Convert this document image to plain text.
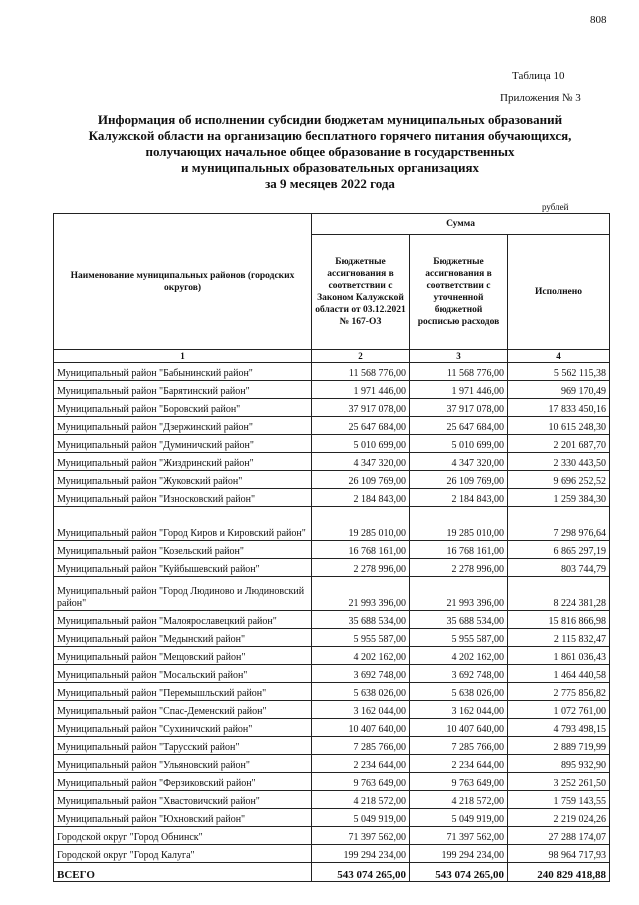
808
Таблица 10
Приложения № 3
Информация об исполнении субсидии бюджетам муниципальных образований
Калужской области на организацию бесплатного горячего питания обучающихся,
получающих начальное общее образование в государственных
и муниципальных образовательных организациях
за 9 месяцев 2022 года
рублей
Наименование муниципальных районов (городских округов)	Сумма		
	Бюджетные ассигнования в соответствии с Законом Калужской области от 03.12.2021 № 167-ОЗ	Бюджетные ассигнования в соответствии с уточненной бюджетной росписью расходов	Исполнено
1	2	3	4
Муниципальный район "Бабынинский район"	11 568 776,00	11 568 776,00	5 562 115,38
Муниципальный район "Барятинский район"	1 971 446,00	1 971 446,00	969 170,49
Муниципальный район "Боровский район"	37 917 078,00	37 917 078,00	17 833 450,16
Муниципальный район "Дзержинский район"	25 647 684,00	25 647 684,00	10 615 248,30
Муниципальный район "Думиничский район"	5 010 699,00	5 010 699,00	2 201 687,70
Муниципальный район "Жиздринский район"	4 347 320,00	4 347 320,00	2 330 443,50
Муниципальный район "Жуковский район"	26 109 769,00	26 109 769,00	9 696 252,52
Муниципальный район "Износковский район"	2 184 843,00	2 184 843,00	1 259 384,30
Муниципальный район "Город Киров и Кировский район"	19 285 010,00	19 285 010,00	7 298 976,64
Муниципальный район "Козельский район"	16 768 161,00	16 768 161,00	6 865 297,19
Муниципальный район "Куйбышевский район"	2 278 996,00	2 278 996,00	803 744,79
Муниципальный район "Город Людиново и Людиновский район"	21 993 396,00	21 993 396,00	8 224 381,28
Муниципальный район "Малоярославецкий район"	35 688 534,00	35 688 534,00	15 816 866,98
Муниципальный район "Медынский район"	5 955 587,00	5 955 587,00	2 115 832,47
Муниципальный район "Мещовский район"	4 202 162,00	4 202 162,00	1 861 036,43
Муниципальный район "Мосальский район"	3 692 748,00	3 692 748,00	1 464 440,58
Муниципальный район "Перемышльский район"	5 638 026,00	5 638 026,00	2 775 856,82
Муниципальный район "Спас-Деменский район"	3 162 044,00	3 162 044,00	1 072 761,00
Муниципальный район "Сухиничский район"	10 407 640,00	10 407 640,00	4 793 498,15
Муниципальный район "Тарусский район"	7 285 766,00	7 285 766,00	2 889 719,99
Муниципальный район "Ульяновский район"	2 234 644,00	2 234 644,00	895 932,90
Муниципальный район "Ферзиковский район"	9 763 649,00	9 763 649,00	3 252 261,50
Муниципальный район "Хвастовичский район"	4 218 572,00	4 218 572,00	1 759 143,55
Муниципальный район "Юхновский район"	5 049 919,00	5 049 919,00	2 219 024,26
Городской округ "Город Обнинск"	71 397 562,00	71 397 562,00	27 288 174,07
Городской округ "Город Калуга"	199 294 234,00	199 294 234,00	98 964 717,93
ВСЕГО	543 074 265,00	543 074 265,00	240 829 418,88
